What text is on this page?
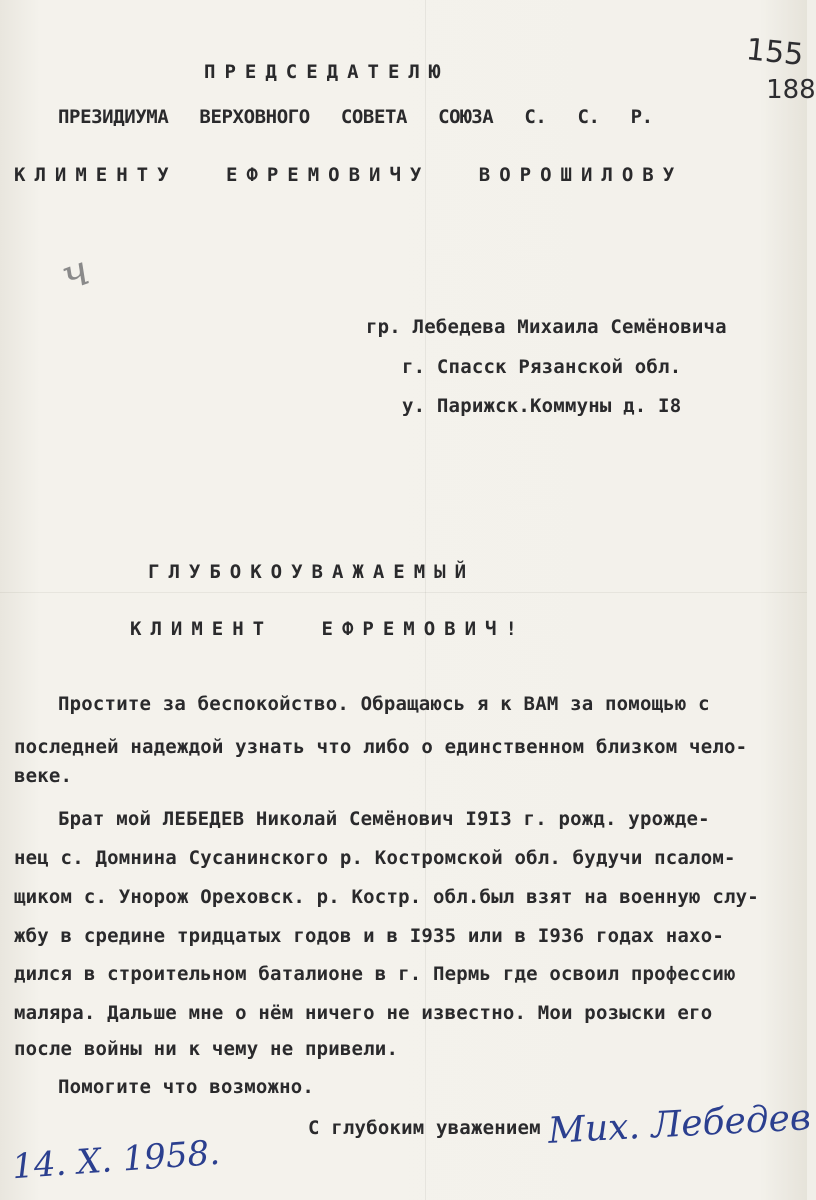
155

188

ПРЕДСЕДАТЕЛЮ
ПРЕЗИДИУМА ВЕРХОВНОГО СОВЕТА СОЮЗА С. С. Р.
КЛИМЕНТУ ЕФРЕМОВИЧУ ВОРОШИЛОВУ
ч
гр. Лебедева Михаила Семёновича
г. Спасск Рязанской обл.
у. Парижск.Коммуны д. I8
ГЛУБОКОУВАЖАЕМЫЙ
КЛИМЕНТ ЕФРЕМОВИЧ!
Простите за беспокойство. Обращаюсь я к ВАМ за помощью с
последней надеждой узнать что либо о единственном близком чело-
веке.
Брат мой ЛЕБЕДЕВ Николай Семёнович I9I3 г. рожд. урожде-
нец с. Домнина Сусанинского р. Костромской обл. будучи псалом-
щиком с. Унорож Ореховск. р. Костр. обл.был взят на военную слу-
жбу в средине тридцатых годов и в I935 или в I936 годах нахо-
дился в строительном баталионе в г. Пермь где освоил профессию
маляра. Дальше мне о нём ничего не известно. Мои розыски его
после войны ни к чему не привели.
Помогите что возможно.
С глубоким уважением Мих. Лебедев
14. X. 1958.
